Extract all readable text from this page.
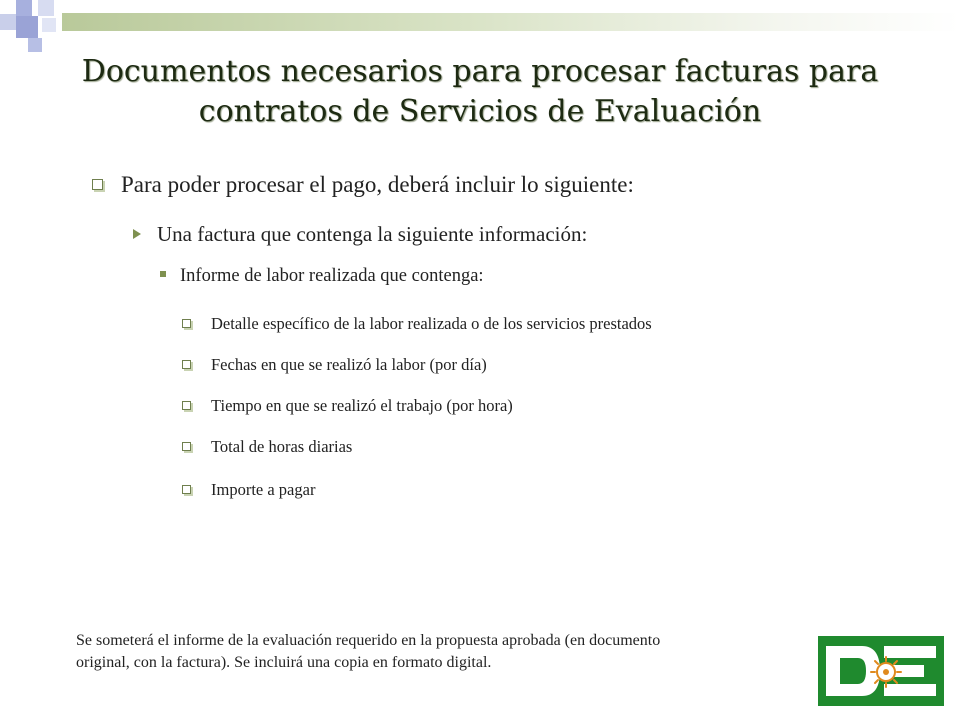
Documentos necesarios para procesar facturas para
contratos de Servicios de Evaluación
Para poder procesar el pago, deberá incluir lo siguiente:
Una factura que contenga la siguiente información:
Informe de labor realizada que contenga:
Detalle específico de la labor realizada o de los servicios prestados
Fechas en que se realizó la labor (por día)
Tiempo en que se realizó el trabajo (por hora)
Total de horas diarias
Importe a pagar
Se someterá el informe de la evaluación requerido en la propuesta aprobada (en documento
original, con la factura). Se incluirá una copia en formato digital.
